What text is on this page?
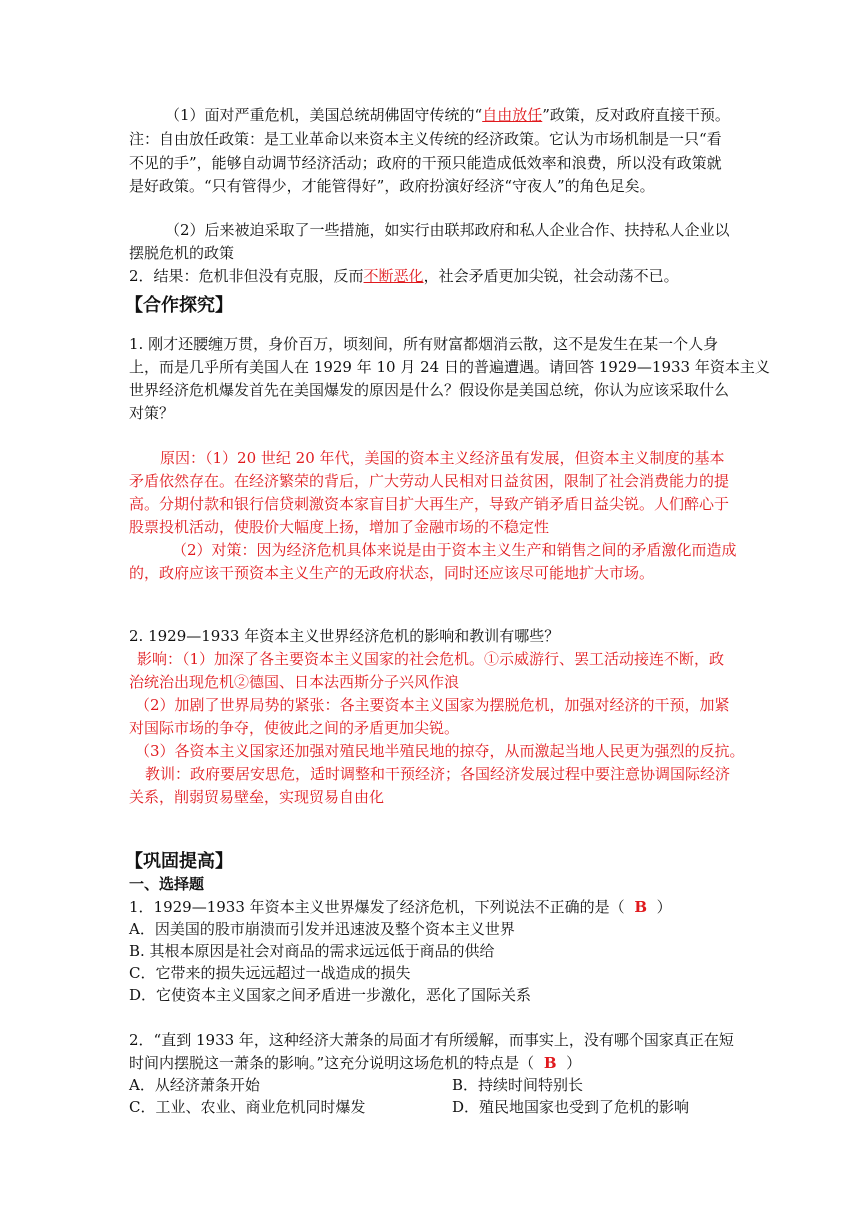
（1）面对严重危机，美国总统胡佛固守传统的“自由放任”政策，反对政府直接干预。
注：自由放任政策：是工业革命以来资本主义传统的经济政策。它认为市场机制是一只“看
不见的手”，能够自动调节经济活动；政府的干预只能造成低效率和浪费，所以没有政策就
是好政策。“只有管得少，才能管得好”，政府扮演好经济“守夜人”的角色足矣。
（2）后来被迫采取了一些措施，如实行由联邦政府和私人企业合作、扶持私人企业以
摆脱危机的政策
2．结果：危机非但没有克服，反而不断恶化，社会矛盾更加尖锐，社会动荡不已。
【合作探究】
1. 刚才还腰缠万贯，身价百万，顷刻间，所有财富都烟消云散，这不是发生在某一个人身
上，而是几乎所有美国人在 1929 年 10 月 24 日的普遍遭遇。请回答 1929—1933 年资本主义
世界经济危机爆发首先在美国爆发的原因是什么？假设你是美国总统，你认为应该采取什么
对策？
原因：（1）20 世纪 20 年代，美国的资本主义经济虽有发展，但资本主义制度的基本
矛盾依然存在。在经济繁荣的背后，广大劳动人民相对日益贫困，限制了社会消费能力的提
高。分期付款和银行信贷刺激资本家盲目扩大再生产，导致产销矛盾日益尖锐。人们醉心于
股票投机活动，使股价大幅度上扬，增加了金融市场的不稳定性
（2）对策：因为经济危机具体来说是由于资本主义生产和销售之间的矛盾激化而造成
的，政府应该干预资本主义生产的无政府状态，同时还应该尽可能地扩大市场。
2. 1929—1933 年资本主义世界经济危机的影响和教训有哪些？
影响：（1）加深了各主要资本主义国家的社会危机。①示威游行、罢工活动接连不断，政
治统治出现危机②德国、日本法西斯分子兴风作浪
（2）加剧了世界局势的紧张：各主要资本主义国家为摆脱危机，加强对经济的干预，加紧
对国际市场的争夺，使彼此之间的矛盾更加尖锐。
（3）各资本主义国家还加强对殖民地半殖民地的掠夺，从而激起当地人民更为强烈的反抗。
教训：政府要居安思危，适时调整和干预经济；各国经济发展过程中要注意协调国际经济
关系，削弱贸易壁垒，实现贸易自由化
【巩固提高】
一、选择题
1．1929—1933 年资本主义世界爆发了经济危机，下列说法不正确的是（ B ）
A．因美国的股市崩溃而引发并迅速波及整个资本主义世界
B. 其根本原因是社会对商品的需求远远低于商品的供给
C．它带来的损失远远超过一战造成的损失
D．它使资本主义国家之间矛盾进一步激化，恶化了国际关系
2．“直到 1933 年，这种经济大萧条的局面才有所缓解，而事实上，没有哪个国家真正在短
时间内摆脱这一萧条的影响。”这充分说明这场危机的特点是（ B ）
A．从经济萧条开始	B．持续时间特别长
C．工业、农业、商业危机同时爆发	D．殖民地国家也受到了危机的影响
